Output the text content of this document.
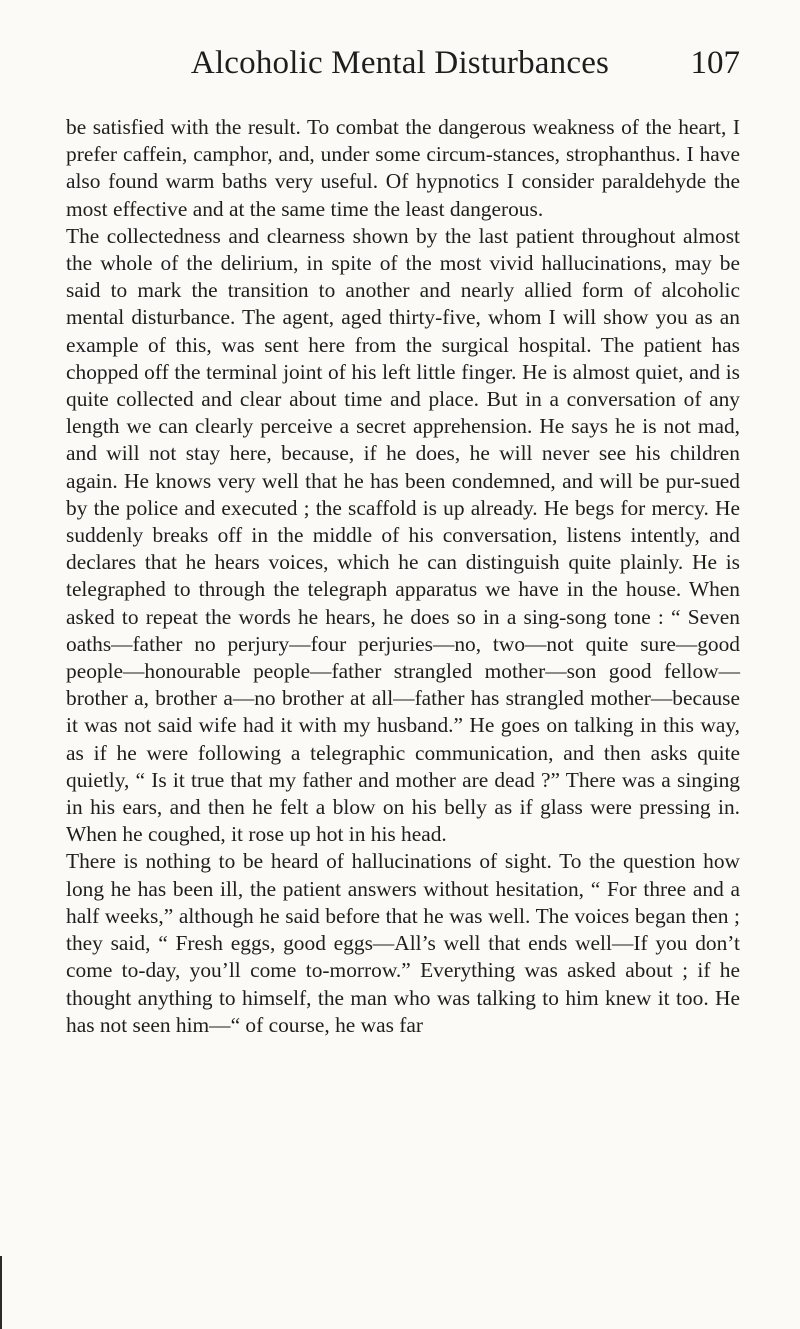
Alcoholic Mental Disturbances	107

be satisfied with the result. To combat the dangerous weakness of the heart, I prefer caffein, camphor, and, under some circum-stances, strophanthus. I have also found warm baths very useful. Of hypnotics I consider paraldehyde the most effective and at the same time the least dangerous.

The collectedness and clearness shown by the last patient throughout almost the whole of the delirium, in spite of the most vivid hallucinations, may be said to mark the transition to another and nearly allied form of alcoholic mental disturbance. The agent, aged thirty-five, whom I will show you as an example of this, was sent here from the surgical hospital. The patient has chopped off the terminal joint of his left little finger. He is almost quiet, and is quite collected and clear about time and place. But in a conversation of any length we can clearly perceive a secret apprehension. He says he is not mad, and will not stay here, because, if he does, he will never see his children again. He knows very well that he has been condemned, and will be pur-sued by the police and executed ; the scaffold is up already. He begs for mercy. He suddenly breaks off in the middle of his conversation, listens intently, and declares that he hears voices, which he can distinguish quite plainly. He is telegraphed to through the telegraph apparatus we have in the house. When asked to repeat the words he hears, he does so in a sing-song tone : “ Seven oaths—father no perjury—four perjuries—no, two—not quite sure—good people—honourable people—father strangled mother—son good fellow—brother a, brother a—no brother at all—father has strangled mother—because it was not said wife had it with my husband.” He goes on talking in this way, as if he were following a telegraphic communication, and then asks quite quietly, “ Is it true that my father and mother are dead ?” There was a singing in his ears, and then he felt a blow on his belly as if glass were pressing in. When he coughed, it rose up hot in his head.

There is nothing to be heard of hallucinations of sight. To the question how long he has been ill, the patient answers without hesitation, “ For three and a half weeks,” although he said before that he was well. The voices began then ; they said, “ Fresh eggs, good eggs—All’s well that ends well—If you don’t come to-day, you’ll come to-morrow.” Everything was asked about ; if he thought anything to himself, the man who was talking to him knew it too. He has not seen him—“ of course, he was far
